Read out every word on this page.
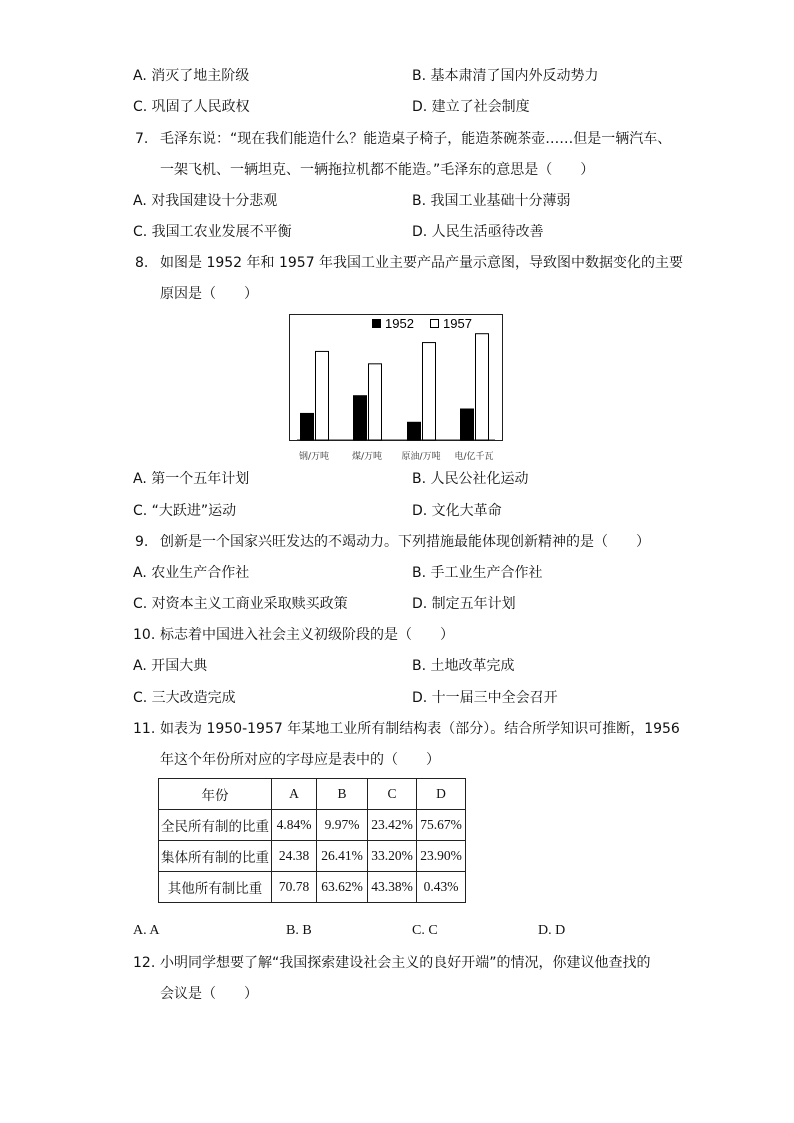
A. 消灭了地主阶级	B. 基本肃清了国内外反动势力
C. 巩固了人民政权	D. 建立了社会制度
7. 毛泽东说：“现在我们能造什么？能造桌子椅子，能造茶碗茶壶……但是一辆汽车、
一架飞机、一辆坦克、一辆拖拉机都不能造。”毛泽东的意思是（　　）
A. 对我国建设十分悲观	B. 我国工业基础十分薄弱
C. 我国工农业发展不平衡	D. 人民生活亟待改善
8. 如图是 1952 年和 1957 年我国工业主要产品产量示意图，导致图中数据变化的主要
原因是（　　）
1952 1957
钢/万吨	煤/万吨 原油/万吨 电/亿千瓦
A. 第一个五年计划	B. 人民公社化运动
C. “大跃进”运动	D. 文化大革命
9. 创新是一个国家兴旺发达的不竭动力。下列措施最能体现创新精神的是（　　）
A. 农业生产合作社	B. 手工业生产合作社
C. 对资本主义工商业采取赎买政策	D. 制定五年计划
10. 标志着中国进入社会主义初级阶段的是（　　）
A. 开国大典	B. 土地改革完成
C. 三大改造完成	D. 十一届三中全会召开
11. 如表为 1950-1957 年某地工业所有制结构表（部分）。结合所学知识可推断，1956
年这个年份所对应的字母应是表中的（　　）
年份	A	B	C	D
全民所有制的比重	4.84%	9.97%	23.42%	75.67%
集体所有制的比重	24.38	26.41%	33.20%	23.90%
其他所有制比重	70.78	63.62%	43.38%	0.43%
A. A	B. B	C. C	D. D
12. 小明同学想要了解“我国探索建设社会主义的良好开端”的情况，你建议他查找的
会议是（　　）
